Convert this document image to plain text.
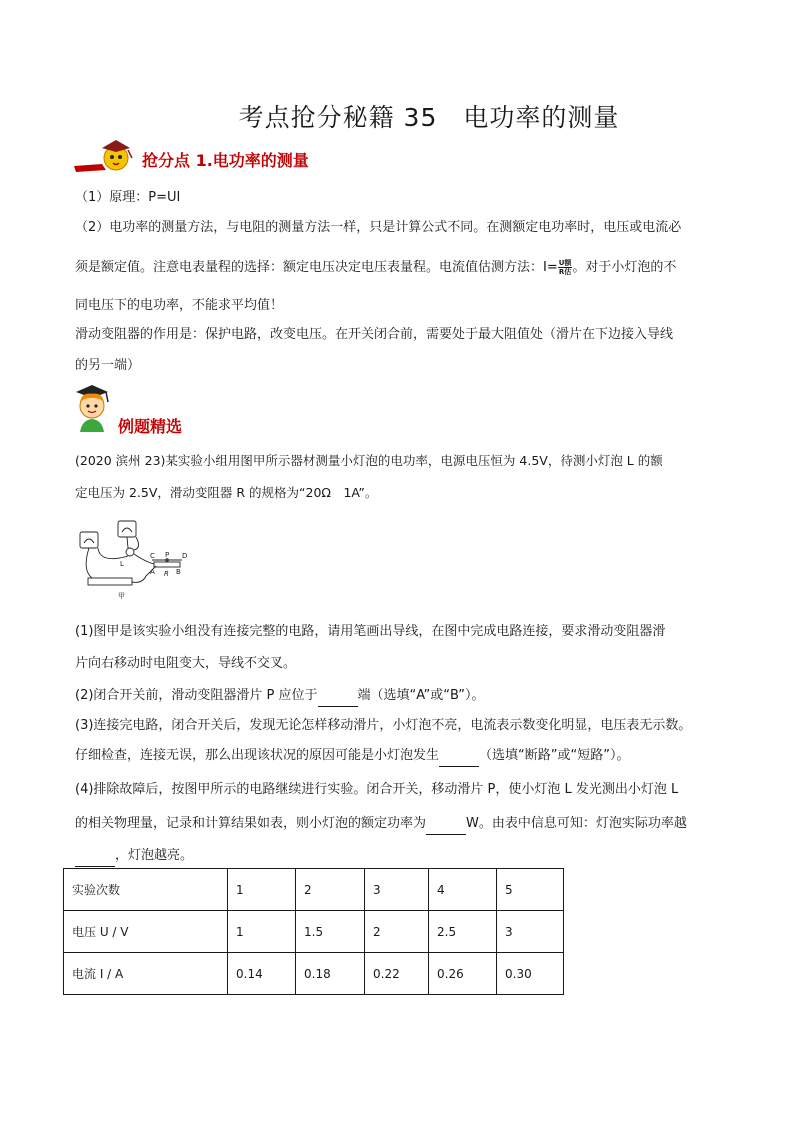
考点抢分秘籍 35　电功率的测量
抢分点 1.电功率的测量
（1）原理：P=UI
（2）电功率的测量方法，与电阻的测量方法一样，只是计算公式不同。在测额定电功率时，电压或电流必
须是额定值。注意电表量程的选择：额定电压决定电压表量程。电流值估测方法：$I= \frac{\text{U额}}{\text{R估}}$ 。对于小灯泡的不
同电压下的电功率，不能求平均值！
滑动变阻器的作用是：保护电路，改变电压。在开关闭合前，需要处于最大阻值处（滑片在下边接入导线
的另一端）
例题精选
(2020 滨州 23)某实验小组用图甲所示器材测量小灯泡的电功率，电源电压恒为 4.5V，待测小灯泡 L 的额
定电压为 2.5V，滑动变阻器 R 的规格为“20Ω　1A”。
C P D
A	B
R
L
甲
(1)图甲是该实验小组没有连接完整的电路，请用笔画出导线，在图中完成电路连接，要求滑动变阻器滑
片向右移动时电阻变大，导线不交叉。
(2)闭合开关前，滑动变阻器滑片 P 应位于	端（选填“A”或“B”）。
(3)连接完电路，闭合开关后，发现无论怎样移动滑片，小灯泡不亮，电流表示数变化明显，电压表无示数。
仔细检查，连接无误，那么出现该状况的原因可能是小灯泡发生	（选填“断路”或“短路”）。
(4)排除故障后，按图甲所示的电路继续进行实验。闭合开关，移动滑片 P，使小灯泡 L 发光测出小灯泡 L
的相关物理量，记录和计算结果如表，则小灯泡的额定功率为	W。由表中信息可知：灯泡实际功率越
，灯泡越亮。
实验次数	1	2	3	4	5
电压 U / V	1	1.5	2	2.5	3
电流 I / A	0.14	0.18	0.22	0.26	0.30
